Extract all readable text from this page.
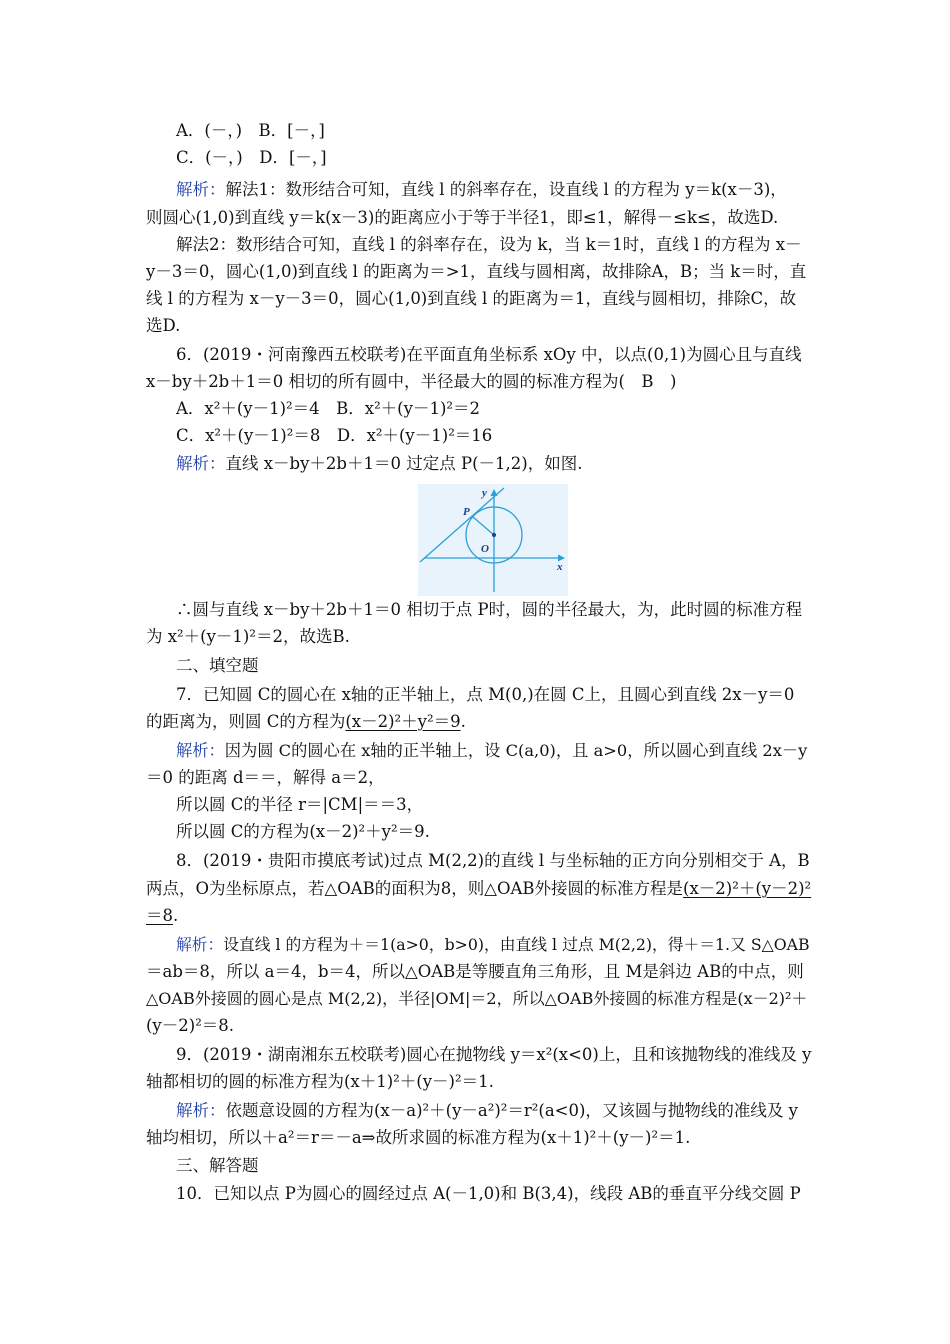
A．(－，)　B．[－，]
C．(－，)　D．[－，]
解析：解法1：数形结合可知，直线 l 的斜率存在，设直线 l 的方程为 y＝k(x－3)，
则圆心(1,0)到直线 y＝k(x－3)的距离应小于等于半径1，即≤1，解得－≤k≤，故选D.
解法2：数形结合可知，直线 l 的斜率存在，设为 k，当 k＝1时，直线 l 的方程为 x－
y－3＝0，圆心(1,0)到直线 l 的距离为＝>1，直线与圆相离，故排除A，B；当 k＝时，直
线 l 的方程为 x－y－3＝0，圆心(1,0)到直线 l 的距离为＝1，直线与圆相切，排除C，故
选D.
6．(2019・河南豫西五校联考)在平面直角坐标系 xOy 中，以点(0,1)为圆心且与直线
x－by＋2b＋1＝0 相切的所有圆中，半径最大的圆的标准方程为(　B　)
A．x²＋(y－1)²＝4　B．x²＋(y－1)²＝2
C．x²＋(y－1)²＝8　D．x²＋(y－1)²＝16
解析：直线 x－by＋2b＋1＝0 过定点 P(－1,2)，如图.
y
x
P
O
∴圆与直线 x－by＋2b＋1＝0 相切于点 P时，圆的半径最大，为，此时圆的标准方程
为 x²＋(y－1)²＝2，故选B.
二、填空题
7．已知圆 C的圆心在 x轴的正半轴上，点 M(0,)在圆 C上，且圆心到直线 2x－y＝0
的距离为，则圆 C的方程为(x－2)²＋y²＝9.
解析：因为圆 C的圆心在 x轴的正半轴上，设 C(a,0)，且 a>0，所以圆心到直线 2x－y
＝0 的距离 d＝＝，解得 a＝2，
所以圆 C的半径 r＝|CM|＝＝3，
所以圆 C的方程为(x－2)²＋y²＝9.
8．(2019・贵阳市摸底考试)过点 M(2,2)的直线 l 与坐标轴的正方向分别相交于 A，B
两点，O为坐标原点，若△OAB的面积为8，则△OAB外接圆的标准方程是(x－2)²＋(y－2)²
＝8.
解析：设直线 l 的方程为＋＝1(a>0，b>0)，由直线 l 过点 M(2,2)，得＋＝1.又 S△OAB
＝ab＝8，所以 a＝4，b＝4，所以△OAB是等腰直角三角形，且 M是斜边 AB的中点，则
△OAB外接圆的圆心是点 M(2,2)，半径|OM|＝2，所以△OAB外接圆的标准方程是(x－2)²＋
(y－2)²＝8.
9．(2019・湖南湘东五校联考)圆心在抛物线 y＝x²(x<0)上，且和该抛物线的准线及 y
轴都相切的圆的标准方程为(x＋1)²＋(y－)²＝1.
解析：依题意设圆的方程为(x－a)²＋(y－a²)²＝r²(a<0)，又该圆与抛物线的准线及 y
轴均相切，所以＋a²＝r＝－a⇒故所求圆的标准方程为(x＋1)²＋(y－)²＝1.
三、解答题
10．已知以点 P为圆心的圆经过点 A(－1,0)和 B(3,4)，线段 AB的垂直平分线交圆 P
